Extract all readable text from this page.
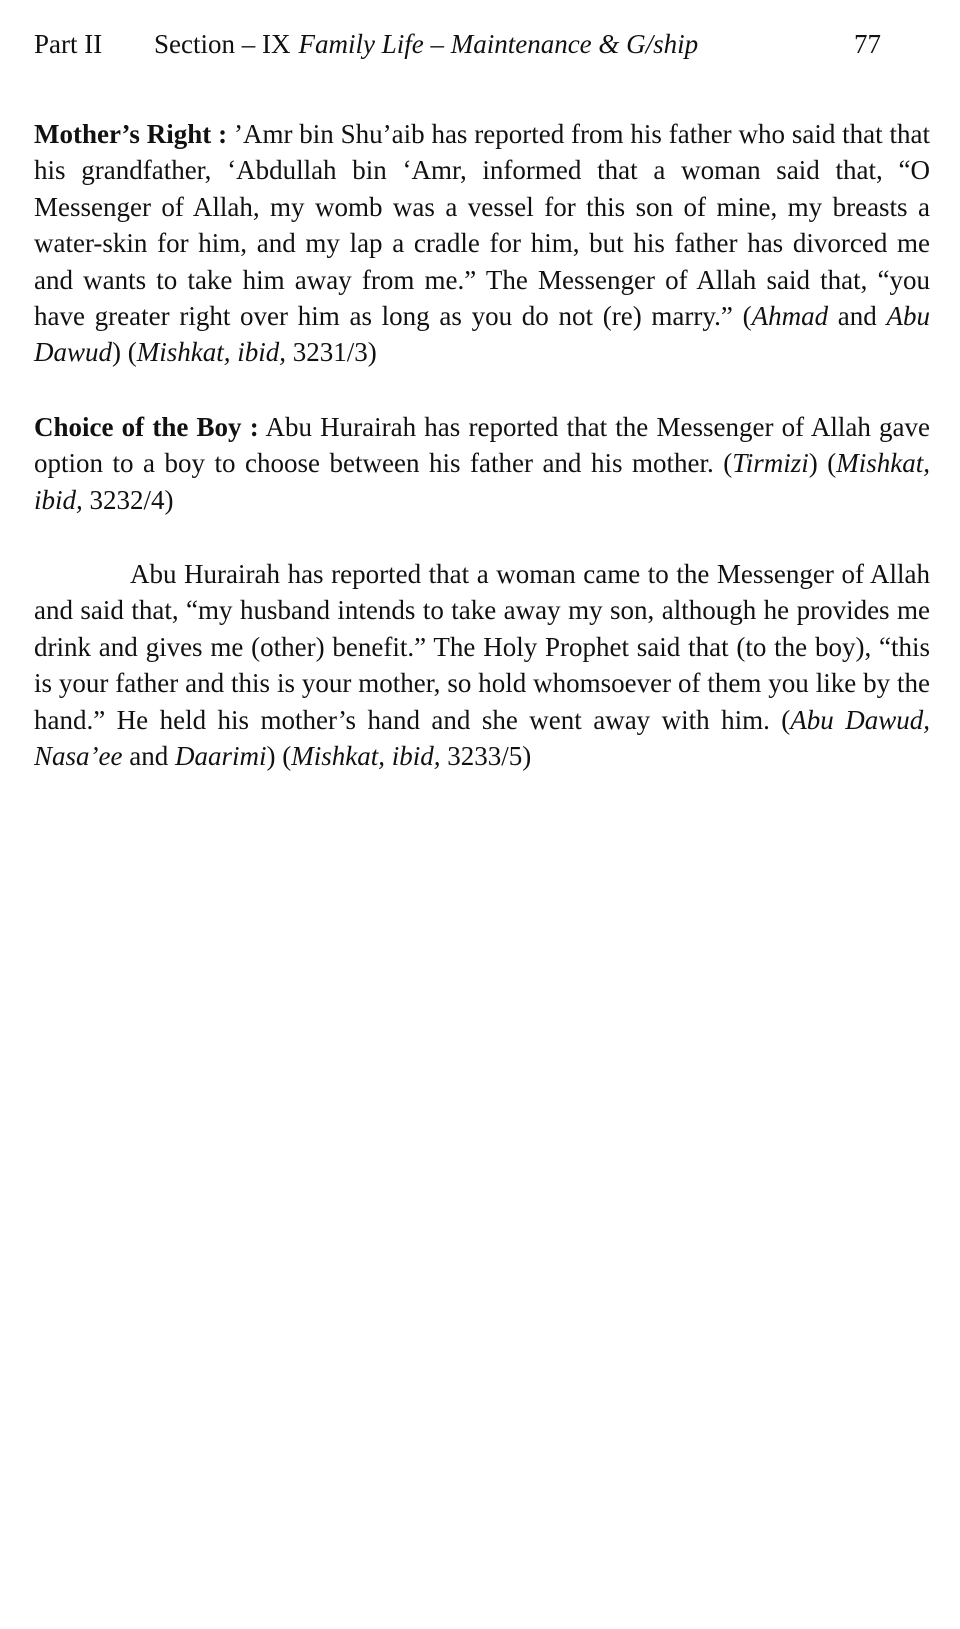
Part II Section – IX Family Life – Maintenance & G/ship	77

Mother’s Right : ’Amr bin Shu’aib has reported from his father who said that that his grandfather, ‘Abdullah bin ‘Amr, informed that a woman said that, “O Messenger of Allah, my womb was a vessel for this son of mine, my breasts a water-skin for him, and my lap a cradle for him, but his father has divorced me and wants to take him away from me.” The Messenger of Allah said that, “you have greater right over him as long as you do not (re) marry.” (Ahmad and Abu Dawud) (Mishkat, ibid, 3231/3)

Choice of the Boy : Abu Hurairah has reported that the Messenger of Allah gave option to a boy to choose between his father and his mother. (Tirmizi) (Mishkat, ibid, 3232/4)

Abu Hurairah has reported that a woman came to the Messenger of Allah and said that, “my husband intends to take away my son, although he provides me drink and gives me (other) benefit.” The Holy Prophet said that (to the boy), “this is your father and this is your mother, so hold whomsoever of them you like by the hand.” He held his mother’s hand and she went away with him. (Abu Dawud, Nasa’ee and Daarimi) (Mishkat, ibid, 3233/5)
